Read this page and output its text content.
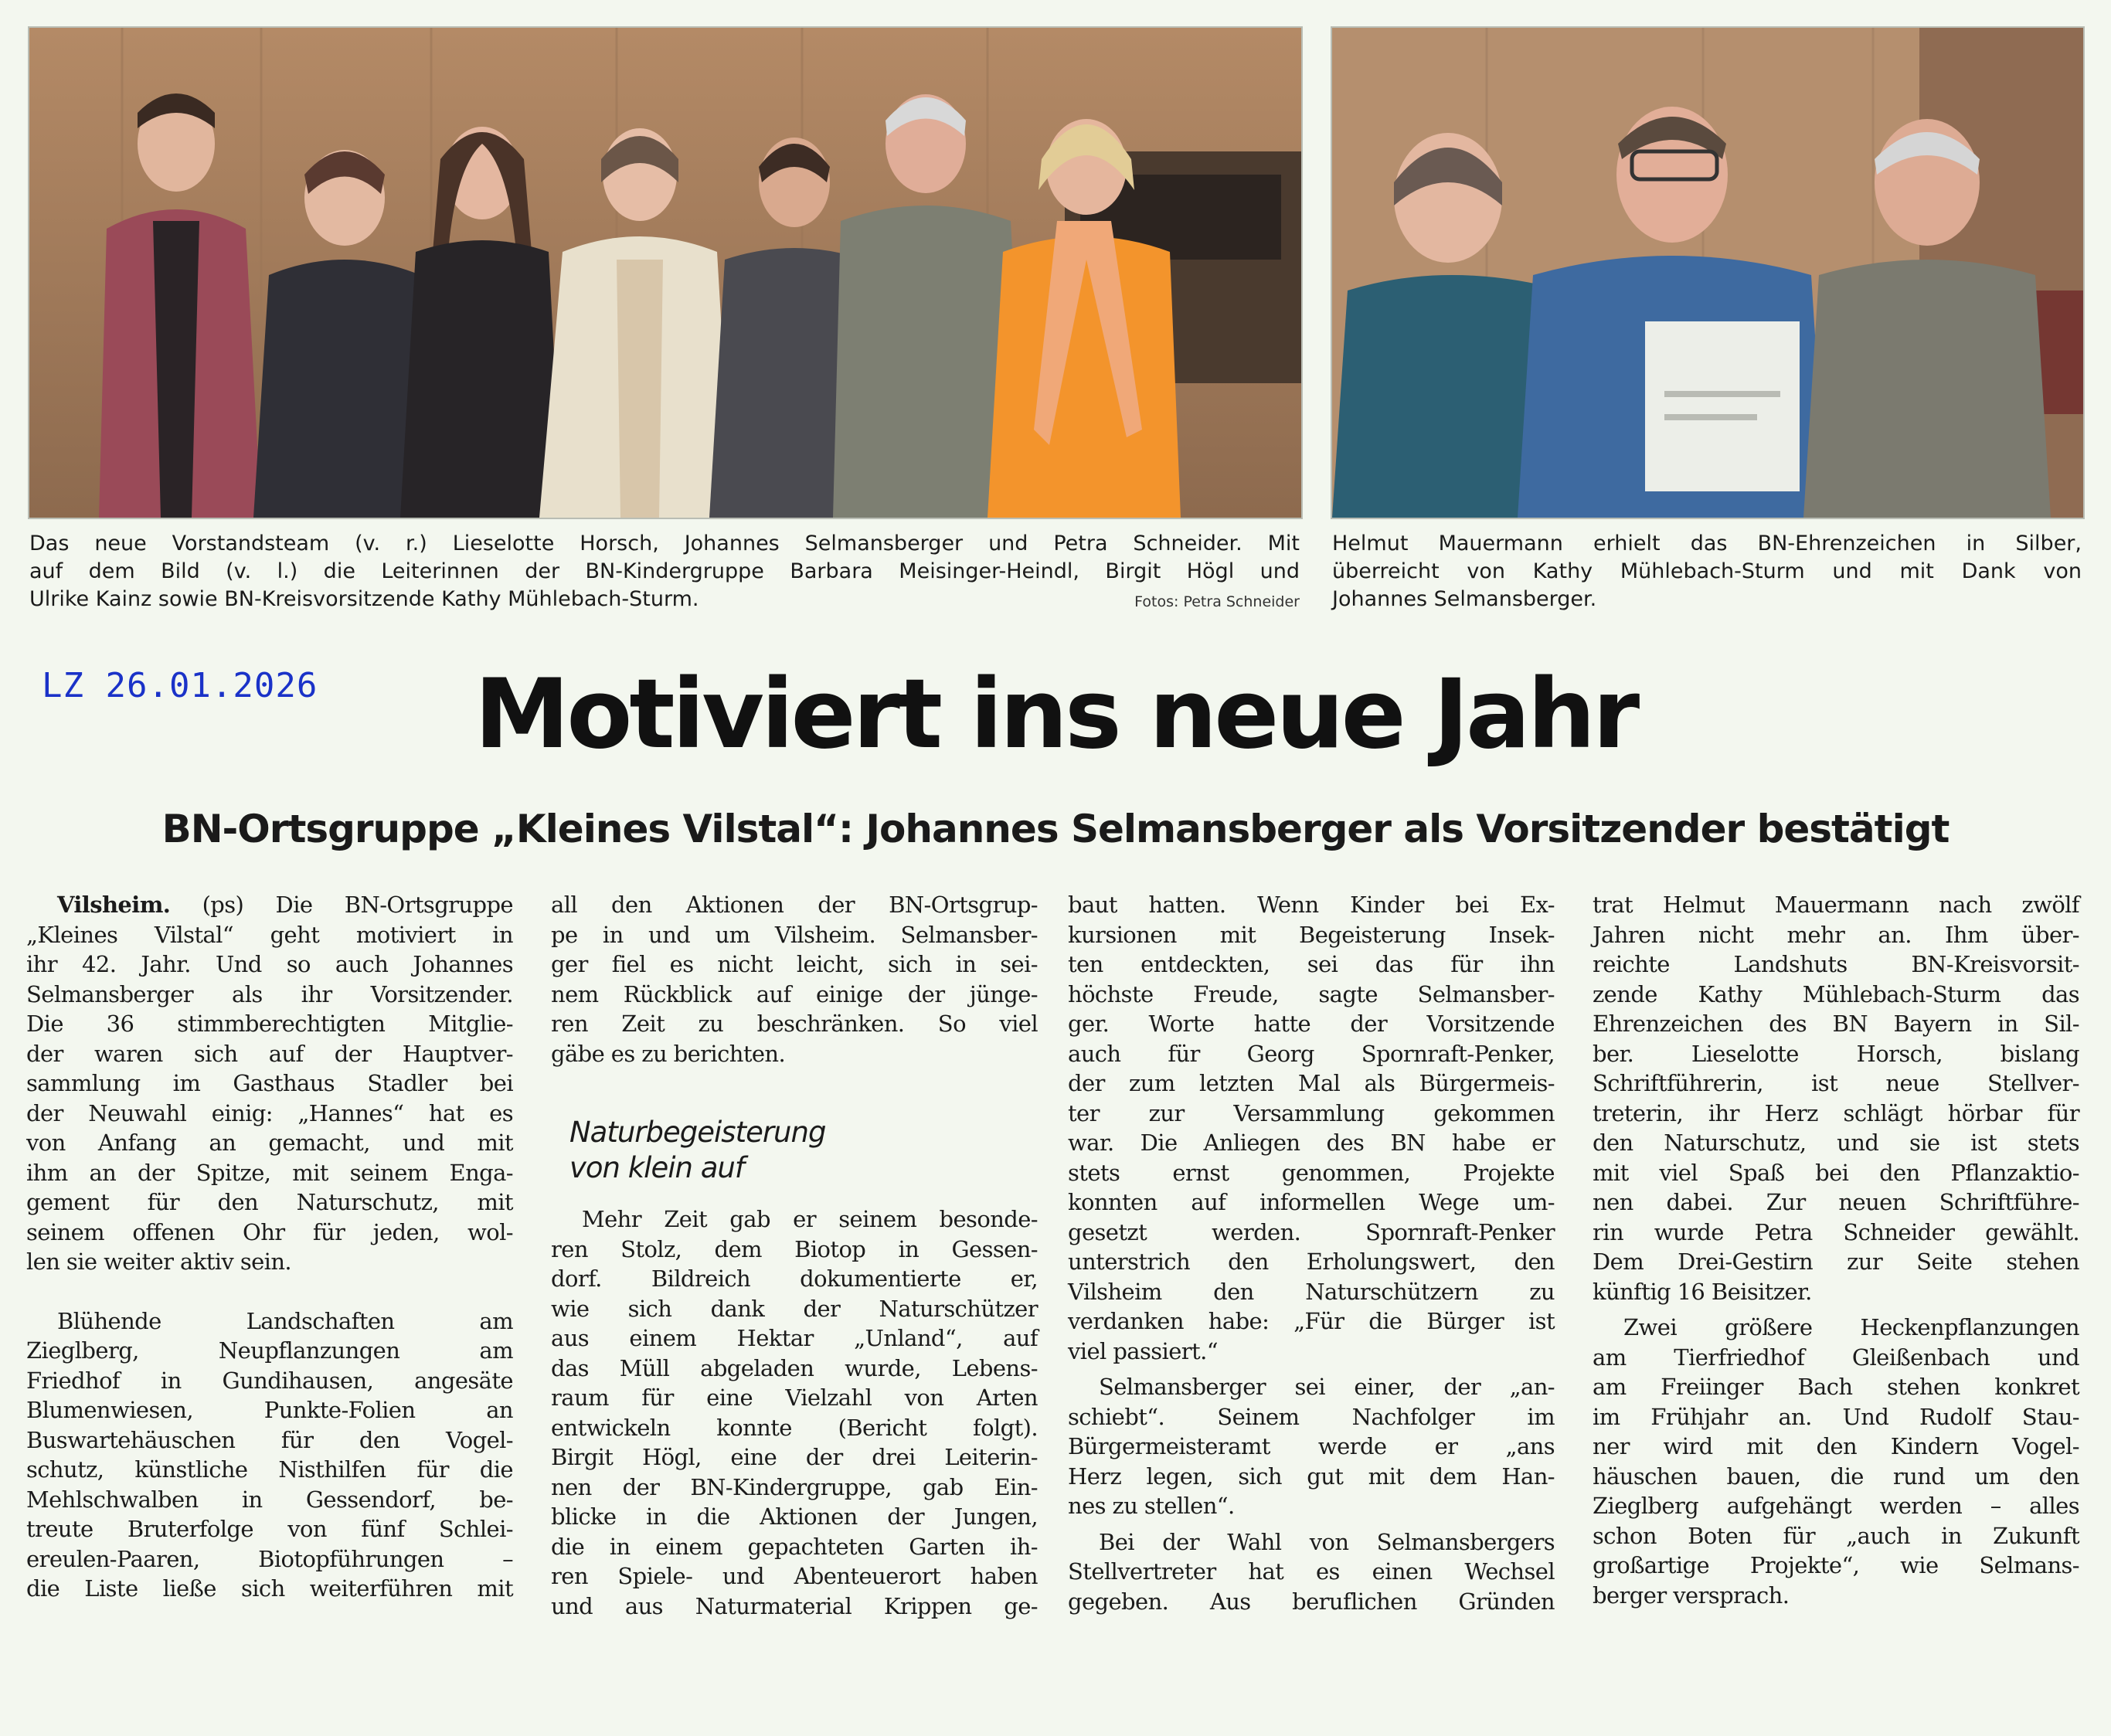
Das neue Vorstandsteam (v. r.) Lieselotte Horsch, Johannes Selmansberger und Petra Schneider. Mit
auf dem Bild (v. l.) die Leiterinnen der BN-Kindergruppe Barbara Meisinger-Heindl, Birgit Högl und
Ulrike Kainz sowie BN-Kreisvorsitzende Kathy Mühlebach-Sturm.	Fotos: Petra Schneider
Helmut Mauermann erhielt das BN-Ehrenzeichen in Silber,
überreicht von Kathy Mühlebach-Sturm und mit Dank von
Johannes Selmansberger.
LZ 26.01.2026	Motiviert ins neue Jahr
BN-Ortsgruppe „Kleines Vilstal“: Johannes Selmansberger als Vorsitzender bestätigt
Vilsheim. (ps) Die BN-Ortsgruppe
„Kleines Vilstal“ geht motiviert in
ihr 42. Jahr. Und so auch Johannes
Selmansberger als ihr Vorsitzender.
Die 36 stimmberechtigten Mitglie-
der waren sich auf der Hauptver-
sammlung im Gasthaus Stadler bei
der Neuwahl einig: „Hannes“ hat es
von Anfang an gemacht, und mit
ihm an der Spitze, mit seinem Enga-
gement für den Naturschutz, mit
seinem offenen Ohr für jeden, wol-
len sie weiter aktiv sein.
Blühende Landschaften am
Zieglberg, Neupflanzungen am
Friedhof in Gundihausen, angesäte
Blumenwiesen, Punkte-Folien an
Buswartehäuschen für den Vogel-
schutz, künstliche Nisthilfen für die
Mehlschwalben in Gessendorf, be-
treute Bruterfolge von fünf Schlei-
ereulen-Paaren, Biotopführungen –
die Liste ließe sich weiterführen mit
all den Aktionen der BN-Ortsgrup-
pe in und um Vilsheim. Selmansber-
ger fiel es nicht leicht, sich in sei-
nem Rückblick auf einige der jünge-
ren Zeit zu beschränken. So viel
gäbe es zu berichten.
Naturbegeisterung
von klein auf
Mehr Zeit gab er seinem besonde-
ren Stolz, dem Biotop in Gessen-
dorf. Bildreich dokumentierte er,
wie sich dank der Naturschützer
aus einem Hektar „Unland“, auf
das Müll abgeladen wurde, Lebens-
raum für eine Vielzahl von Arten
entwickeln konnte (Bericht folgt).
Birgit Högl, eine der drei Leiterin-
nen der BN-Kindergruppe, gab Ein-
blicke in die Aktionen der Jungen,
die in einem gepachteten Garten ih-
ren Spiele- und Abenteuerort haben
und aus Naturmaterial Krippen ge-
baut hatten. Wenn Kinder bei Ex-
kursionen mit Begeisterung Insek-
ten entdeckten, sei das für ihn
höchste Freude, sagte Selmansber-
ger. Worte hatte der Vorsitzende
auch für Georg Spornraft-Penker,
der zum letzten Mal als Bürgermeis-
ter zur Versammlung gekommen
war. Die Anliegen des BN habe er
stets ernst genommen, Projekte
konnten auf informellen Wege um-
gesetzt werden. Spornraft-Penker
unterstrich den Erholungswert, den
Vilsheim den Naturschützern zu
verdanken habe: „Für die Bürger ist
viel passiert.“
Selmansberger sei einer, der „an-
schiebt“. Seinem Nachfolger im
Bürgermeisteramt werde er „ans
Herz legen, sich gut mit dem Han-
nes zu stellen“.
Bei der Wahl von Selmansbergers
Stellvertreter hat es einen Wechsel
gegeben. Aus beruflichen Gründen
trat Helmut Mauermann nach zwölf
Jahren nicht mehr an. Ihm über-
reichte Landshuts BN-Kreisvorsit-
zende Kathy Mühlebach-Sturm das
Ehrenzeichen des BN Bayern in Sil-
ber. Lieselotte Horsch, bislang
Schriftführerin, ist neue Stellver-
treterin, ihr Herz schlägt hörbar für
den Naturschutz, und sie ist stets
mit viel Spaß bei den Pflanzaktio-
nen dabei. Zur neuen Schriftführe-
rin wurde Petra Schneider gewählt.
Dem Drei-Gestirn zur Seite stehen
künftig 16 Beisitzer.
Zwei größere Heckenpflanzungen
am Tierfriedhof Gleißenbach und
am Freiinger Bach stehen konkret
im Frühjahr an. Und Rudolf Stau-
ner wird mit den Kindern Vogel-
häuschen bauen, die rund um den
Zieglberg aufgehängt werden – alles
schon Boten für „auch in Zukunft
großartige Projekte“, wie Selmans-
berger versprach.
